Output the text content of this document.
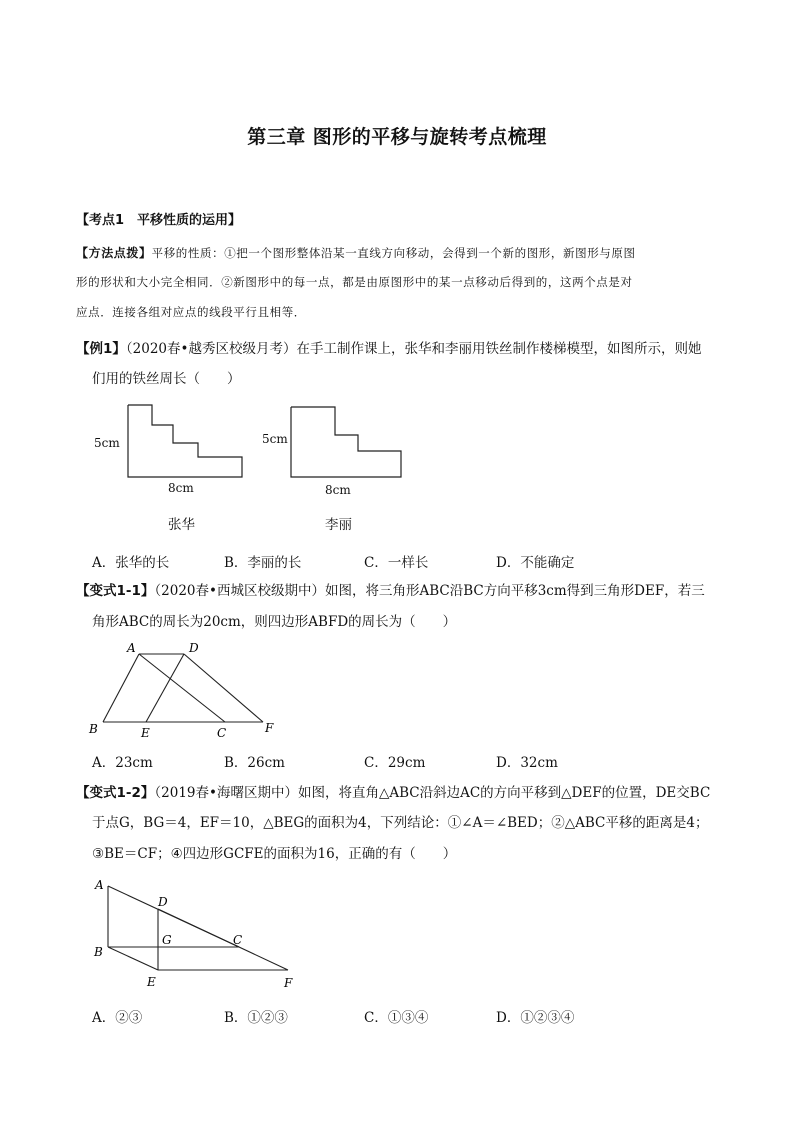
第三章 图形的平移与旋转考点梳理
【考点1　平移性质的运用】
【方法点拨】平移的性质：①把一个图形整体沿某一直线方向移动，会得到一个新的图形，新图形与原图
形的形状和大小完全相同．②新图形中的每一点，都是由原图形中的某一点移动后得到的，这两个点是对
应点．连接各组对应点的线段平行且相等．
【例1】（2020春•越秀区校级月考）在手工制作课上，张华和李丽用铁丝制作楼梯模型，如图所示，则她
们用的铁丝周长（　　）
5cm
8cm
张华
5cm
8cm
李丽
A．张华的长	B．李丽的长	C．一样长	D．不能确定
【变式1-1】（2020春•西城区校级期中）如图，将三角形ABC沿BC方向平移3cm得到三角形DEF，若三
角形ABC的周长为20cm，则四边形ABFD的周长为（　　）
A	D
B	E	C	F
A．23cm	B．26cm	C．29cm	D．32cm
【变式1-2】（2019春•海曙区期中）如图，将直角△ABC沿斜边AC的方向平移到△DEF的位置，DE交BC
于点G，BG＝4，EF＝10，△BEG的面积为4，下列结论：①∠A＝∠BED；②△ABC平移的距离是4；
③BE＝CF；④四边形GCFE的面积为16，正确的有（　　）
A
D
B
G	C
E	F
A．②③	B．①②③	C．①③④	D．①②③④
